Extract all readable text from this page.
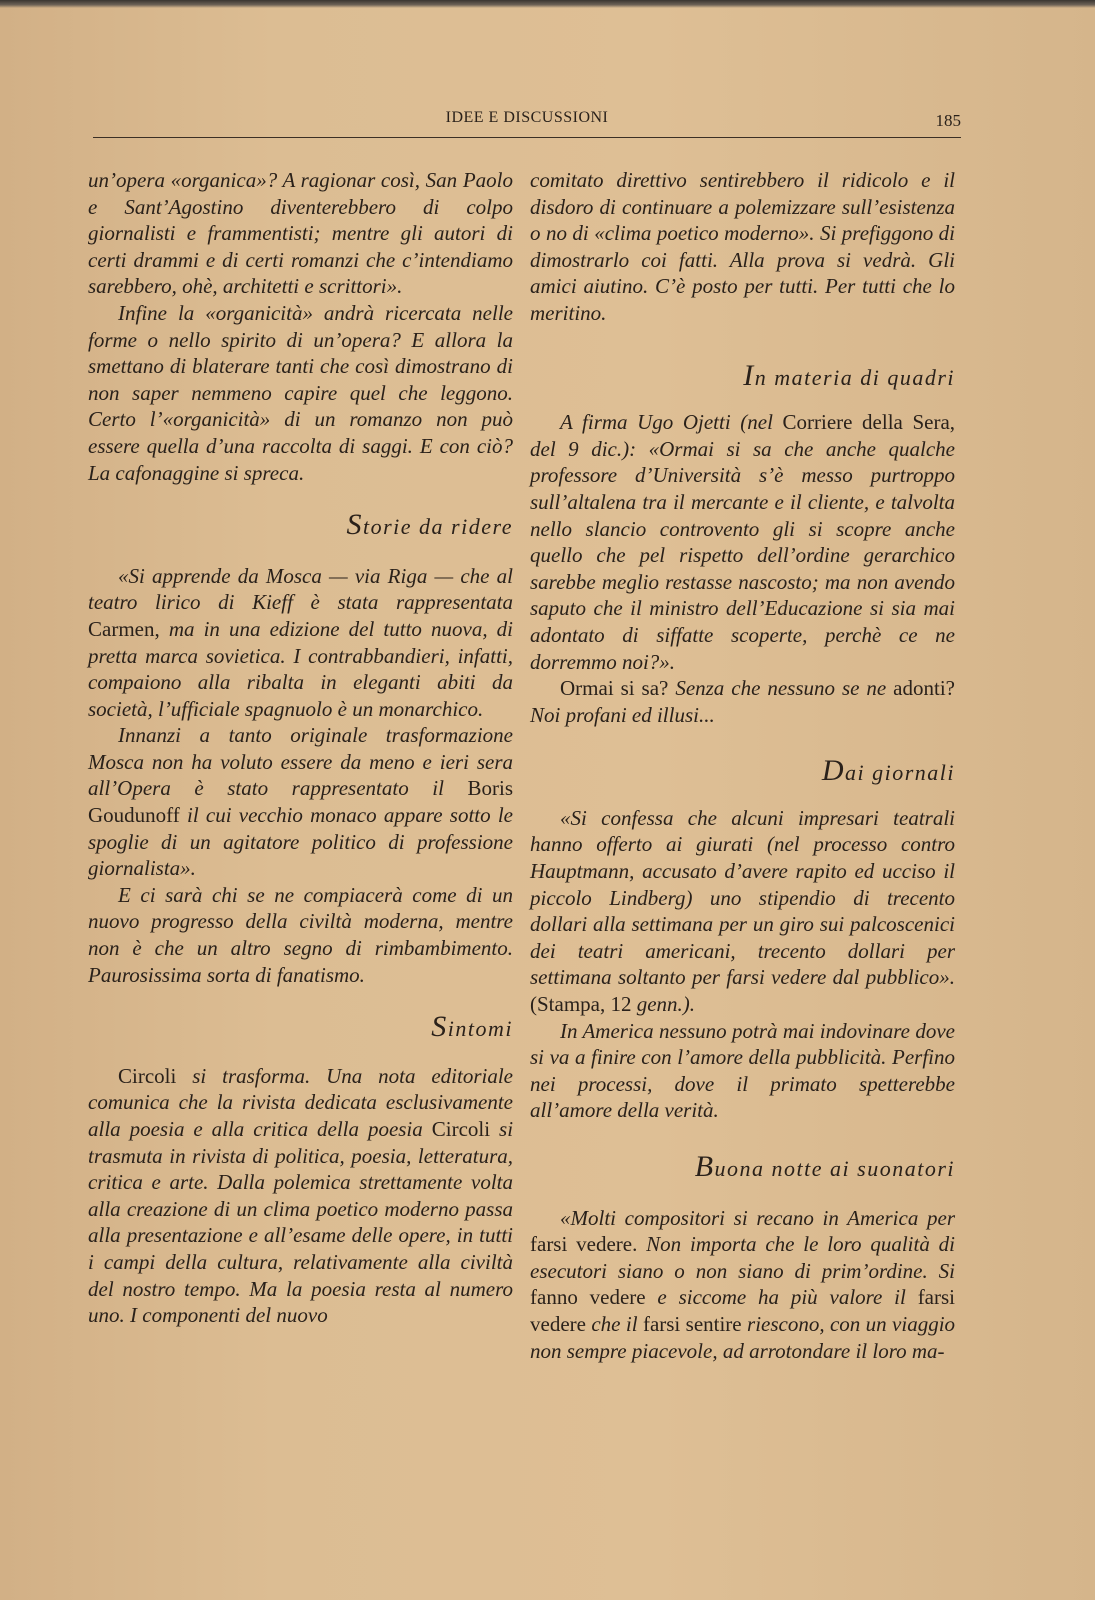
IDEE E DISCUSSIONI	185

un’opera «organica»? A ragionar così, San Paolo e Sant’Agostino diventerebbero di colpo giornalisti e frammentisti; mentre gli autori di certi drammi e di certi romanzi che c’intendiamo sarebbero, ohè, architetti e scrittori».

Infine la «organicità» andrà ricercata nelle forme o nello spirito di un’opera? E allora la smettano di blaterare tanti che così dimostrano di non saper nemmeno capire quel che leggono. Certo l’«organicità» di un romanzo non può essere quella d’una raccolta di saggi. E con ciò? La cafonaggine si spreca.

Storie da ridere

«Si apprende da Mosca — via Riga — che al teatro lirico di Kieff è stata rappresentata Carmen, ma in una edizione del tutto nuova, di pretta marca sovietica. I contrabbandieri, infatti, compaiono alla ribalta in eleganti abiti da società, l’ufficiale spagnuolo è un monarchico.

Innanzi a tanto originale trasformazione Mosca non ha voluto essere da meno e ieri sera all’Opera è stato rappresentato il Boris Goudunoff il cui vecchio monaco appare sotto le spoglie di un agitatore politico di professione giornalista».

E ci sarà chi se ne compiacerà come di un nuovo progresso della civiltà moderna, mentre non è che un altro segno di rimbambimento. Paurosissima sorta di fanatismo.

Sintomi

Circoli si trasforma. Una nota editoriale comunica che la rivista dedicata esclusivamente alla poesia e alla critica della poesia Circoli si trasmuta in rivista di politica, poesia, letteratura, critica e arte. Dalla polemica strettamente volta alla creazione di un clima poetico moderno passa alla presentazione e all’esame delle opere, in tutti i campi della cultura, relativamente alla civiltà del nostro tempo. Ma la poesia resta al numero uno. I componenti del nuovo

comitato direttivo sentirebbero il ridicolo e il disdoro di continuare a polemizzare sull’esistenza o no di «clima poetico moderno». Si prefiggono di dimostrarlo coi fatti. Alla prova si vedrà. Gli amici aiutino. C’è posto per tutti. Per tutti che lo meritino.

In materia di quadri

A firma Ugo Ojetti (nel Corriere della Sera, del 9 dic.): «Ormai si sa che anche qualche professore d’Università s’è messo purtroppo sull’altalena tra il mercante e il cliente, e talvolta nello slancio controvento gli si scopre anche quello che pel rispetto dell’ordine gerarchico sarebbe meglio restasse nascosto; ma non avendo saputo che il ministro dell’Educazione si sia mai adontato di siffatte scoperte, perchè ce ne dorremmo noi?».

Ormai si sa? Senza che nessuno se ne adonti? Noi profani ed illusi...

Dai giornali

«Si confessa che alcuni impresari teatrali hanno offerto ai giurati (nel processo contro Hauptmann, accusato d’avere rapito ed ucciso il piccolo Lindberg) uno stipendio di trecento dollari alla settimana per un giro sui palcoscenici dei teatri americani, trecento dollari per settimana soltanto per farsi vedere dal pubblico». (Stampa, 12 genn.).

In America nessuno potrà mai indovinare dove si va a finire con l’amore della pubblicità. Perfino nei processi, dove il primato spetterebbe all’amore della verità.

Buona notte ai suonatori

«Molti compositori si recano in America per farsi vedere. Non importa che le loro qualità di esecutori siano o non siano di prim’ordine. Si fanno vedere e siccome ha più valore il farsi vedere che il farsi sentire riescono, con un viaggio non sempre piacevole, ad arrotondare il loro ma-
